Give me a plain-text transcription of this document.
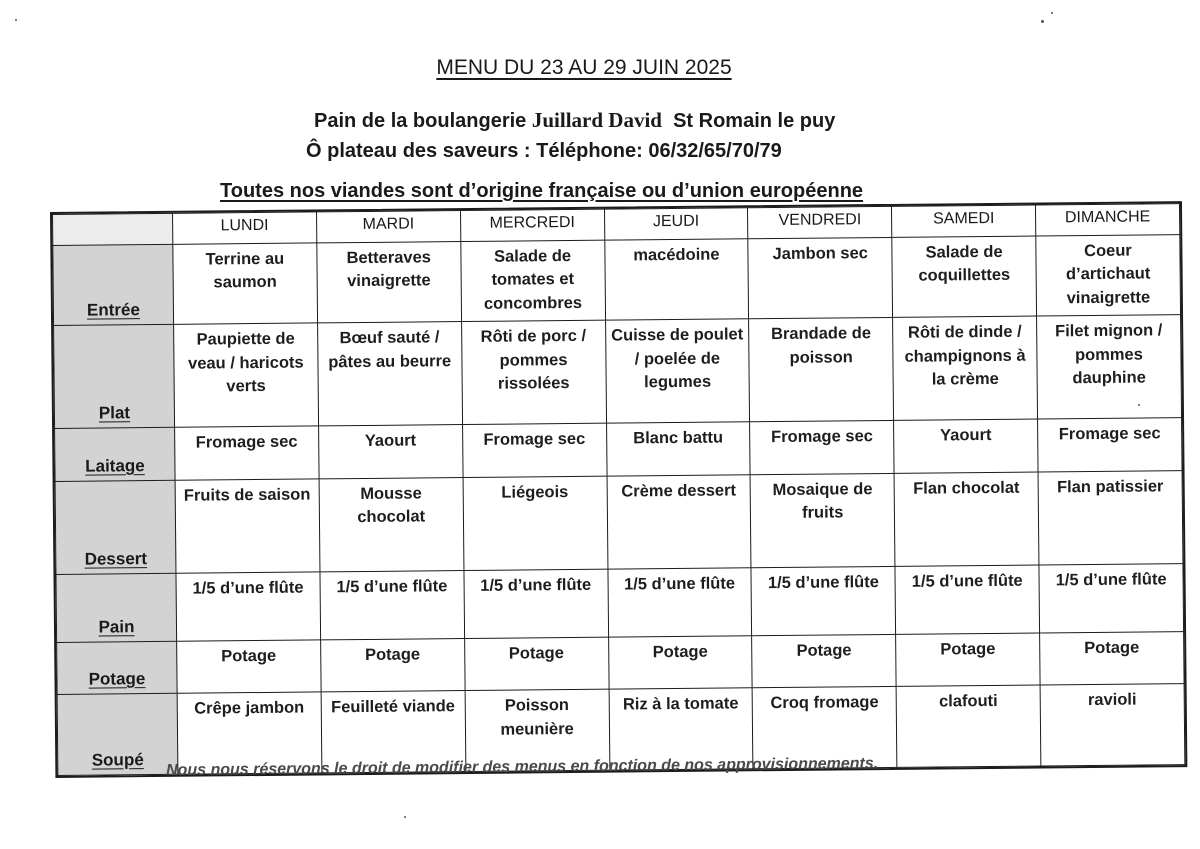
MENU DU 23 AU 29 JUIN 2025
Pain de la boulangerie Juillard David St Romain le puy
Ô plateau des saveurs : Téléphone: 06/32/65/70/79
Toutes nos viandes sont d’origine française ou d’union européenne
	LUNDI	MARDI	MERCREDI	JEUDI	VENDREDI	SAMEDI	DIMANCHE
Entrée	Terrine au saumon	Betteraves vinaigrette	Salade de tomates et concombres	macédoine	Jambon sec	Salade de coquillettes	Coeur d’artichaut vinaigrette
Plat	Paupiette de veau / haricots verts	Bœuf sauté / pâtes au beurre	Rôti de porc / pommes rissolées	Cuisse de poulet / poelée de legumes	Brandade de poisson	Rôti de dinde / champignons à la crème	Filet mignon / pommes dauphine
Laitage	Fromage sec	Yaourt	Fromage sec	Blanc battu	Fromage sec	Yaourt	Fromage sec
Dessert	Fruits de saison	Mousse chocolat	Liégeois	Crème dessert	Mosaique de fruits	Flan chocolat	Flan patissier
Pain	1/5 d’une flûte	1/5 d’une flûte	1/5 d’une flûte	1/5 d’une flûte	1/5 d’une flûte	1/5 d’une flûte	1/5 d’une flûte
Potage	Potage	Potage	Potage	Potage	Potage	Potage	Potage
Soupé	Crêpe jambon	Feuilleté viande	Poisson meunière	Riz à la tomate	Croq fromage	clafouti	ravioli
Nous nous réservons le droit de modifier des menus en fonction de nos approvisionnements.
